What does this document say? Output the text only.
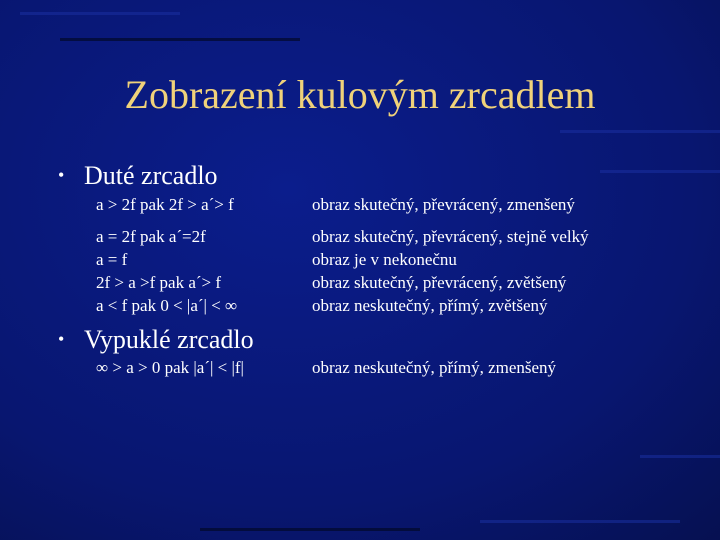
Zobrazení kulovým zrcadlem
• Duté zrcadlo
a > 2f pak 2f > a´> f	obraz skutečný, převrácený, zmenšený
a = 2f pak a´=2f	obraz skutečný, převrácený, stejně velký
a = f	obraz je v nekonečnu
2f > a >f pak a´> f	obraz skutečný, převrácený, zvětšený
a < f pak 0 < |a´| < ∞	obraz neskutečný, přímý, zvětšený
• Vypuklé zrcadlo
∞ > a > 0 pak |a´| < |f|	obraz neskutečný, přímý, zmenšený
